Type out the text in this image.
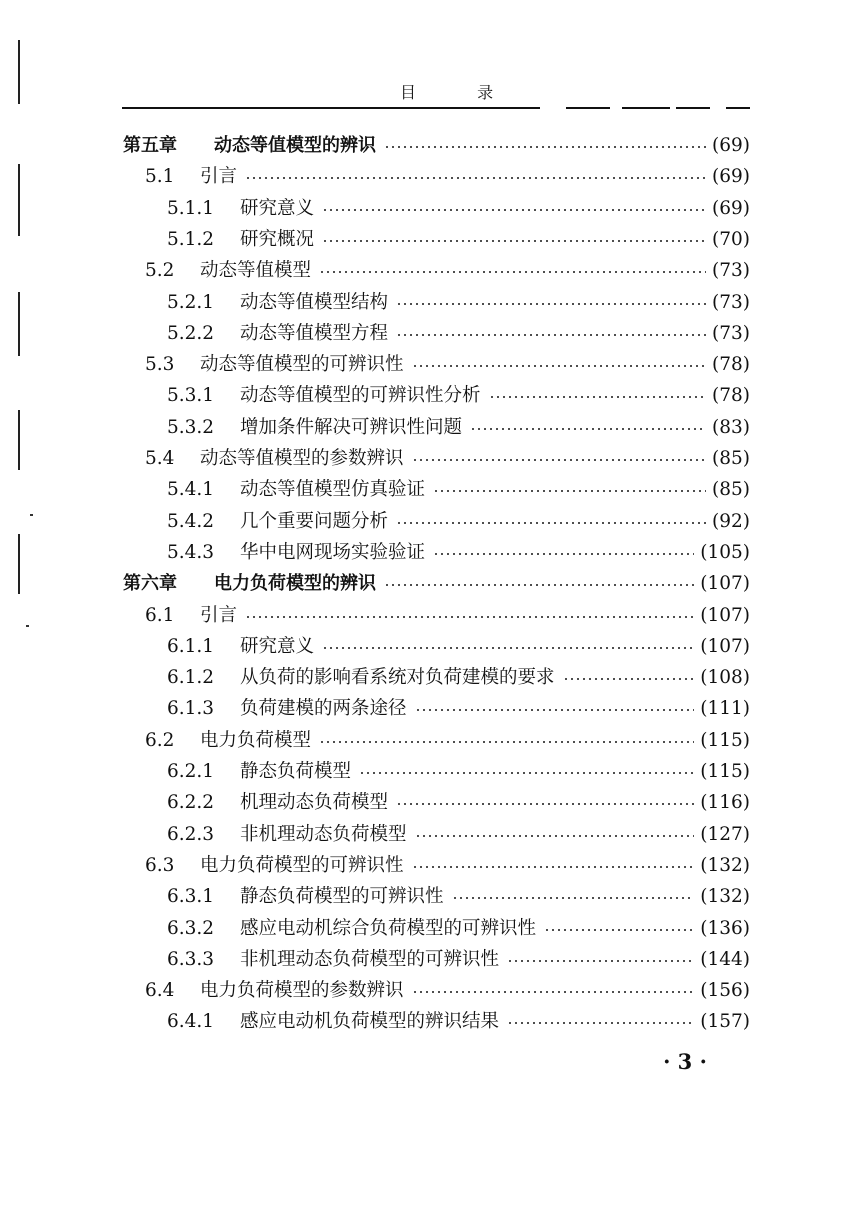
目 录
第五章 动态等值模型的辨识	(69)
5.1 引言	(69)
5.1.1 研究意义	(69)
5.1.2 研究概况	(70)
5.2 动态等值模型	(73)
5.2.1 动态等值模型结构	(73)
5.2.2 动态等值模型方程	(73)
5.3 动态等值模型的可辨识性	(78)
5.3.1 动态等值模型的可辨识性分析	(78)
5.3.2 增加条件解决可辨识性问题	(83)
5.4 动态等值模型的参数辨识	(85)
5.4.1 动态等值模型仿真验证	(85)
5.4.2 几个重要问题分析	(92)
5.4.3 华中电网现场实验验证	(105)
第六章 电力负荷模型的辨识	(107)
6.1 引言	(107)
6.1.1 研究意义	(107)
6.1.2 从负荷的影响看系统对负荷建模的要求	(108)
6.1.3 负荷建模的两条途径	(111)
6.2 电力负荷模型	(115)
6.2.1 静态负荷模型	(115)
6.2.2 机理动态负荷模型	(116)
6.2.3 非机理动态负荷模型	(127)
6.3 电力负荷模型的可辨识性	(132)
6.3.1 静态负荷模型的可辨识性	(132)
6.3.2 感应电动机综合负荷模型的可辨识性	(136)
6.3.3 非机理动态负荷模型的可辨识性	(144)
6.4 电力负荷模型的参数辨识	(156)
6.4.1 感应电动机负荷模型的辨识结果	(157)
· 3 ·
